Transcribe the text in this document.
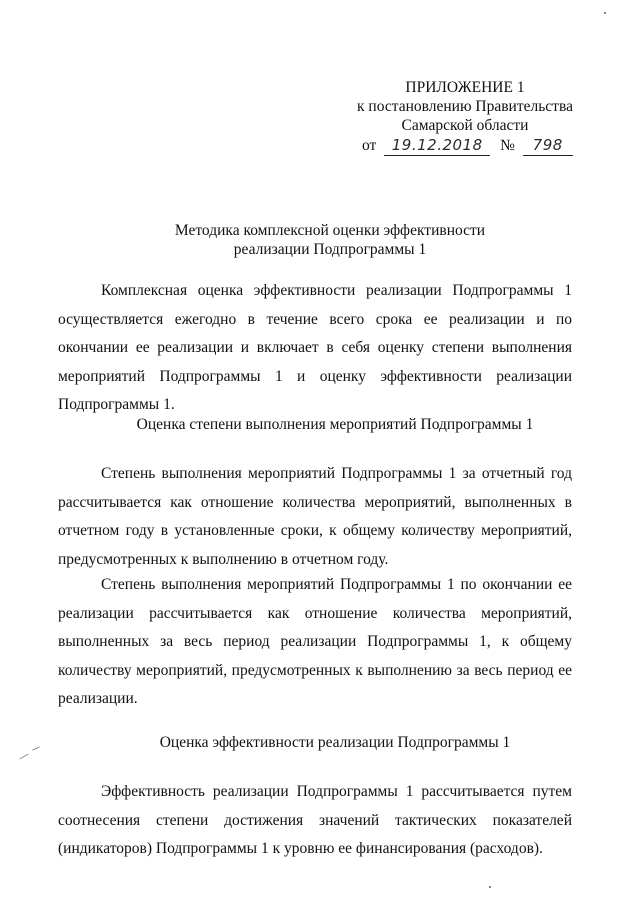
ПРИЛОЖЕНИЕ 1
к постановлению Правительства
Самарской области
от 19.12.2018 № 798
Методика комплексной оценки эффективности
реализации Подпрограммы 1

Комплексная оценка эффективности реализации Подпрограммы 1 осуществляется ежегодно в течение всего срока ее реализации и по окончании ее реализации и включает в себя оценку степени выполнения мероприятий Подпрограммы 1 и оценку эффективности реализации Подпрограммы 1.

Оценка степени выполнения мероприятий Подпрограммы 1

Степень выполнения мероприятий Подпрограммы 1 за отчетный год рассчитывается как отношение количества мероприятий, выполненных в отчетном году в установленные сроки, к общему количеству мероприятий, предусмотренных к выполнению в отчетном году.

Степень выполнения мероприятий Подпрограммы 1 по окончании ее реализации рассчитывается как отношение количества мероприятий, выполненных за весь период реализации Подпрограммы 1, к общему количеству мероприятий, предусмотренных к выполнению за весь период ее реализации.

Оценка эффективности реализации Подпрограммы 1

Эффективность реализации Подпрограммы 1 рассчитывается путем соотнесения степени достижения значений тактических показателей (индикаторов) Подпрограммы 1 к уровню ее финансирования (расходов).
